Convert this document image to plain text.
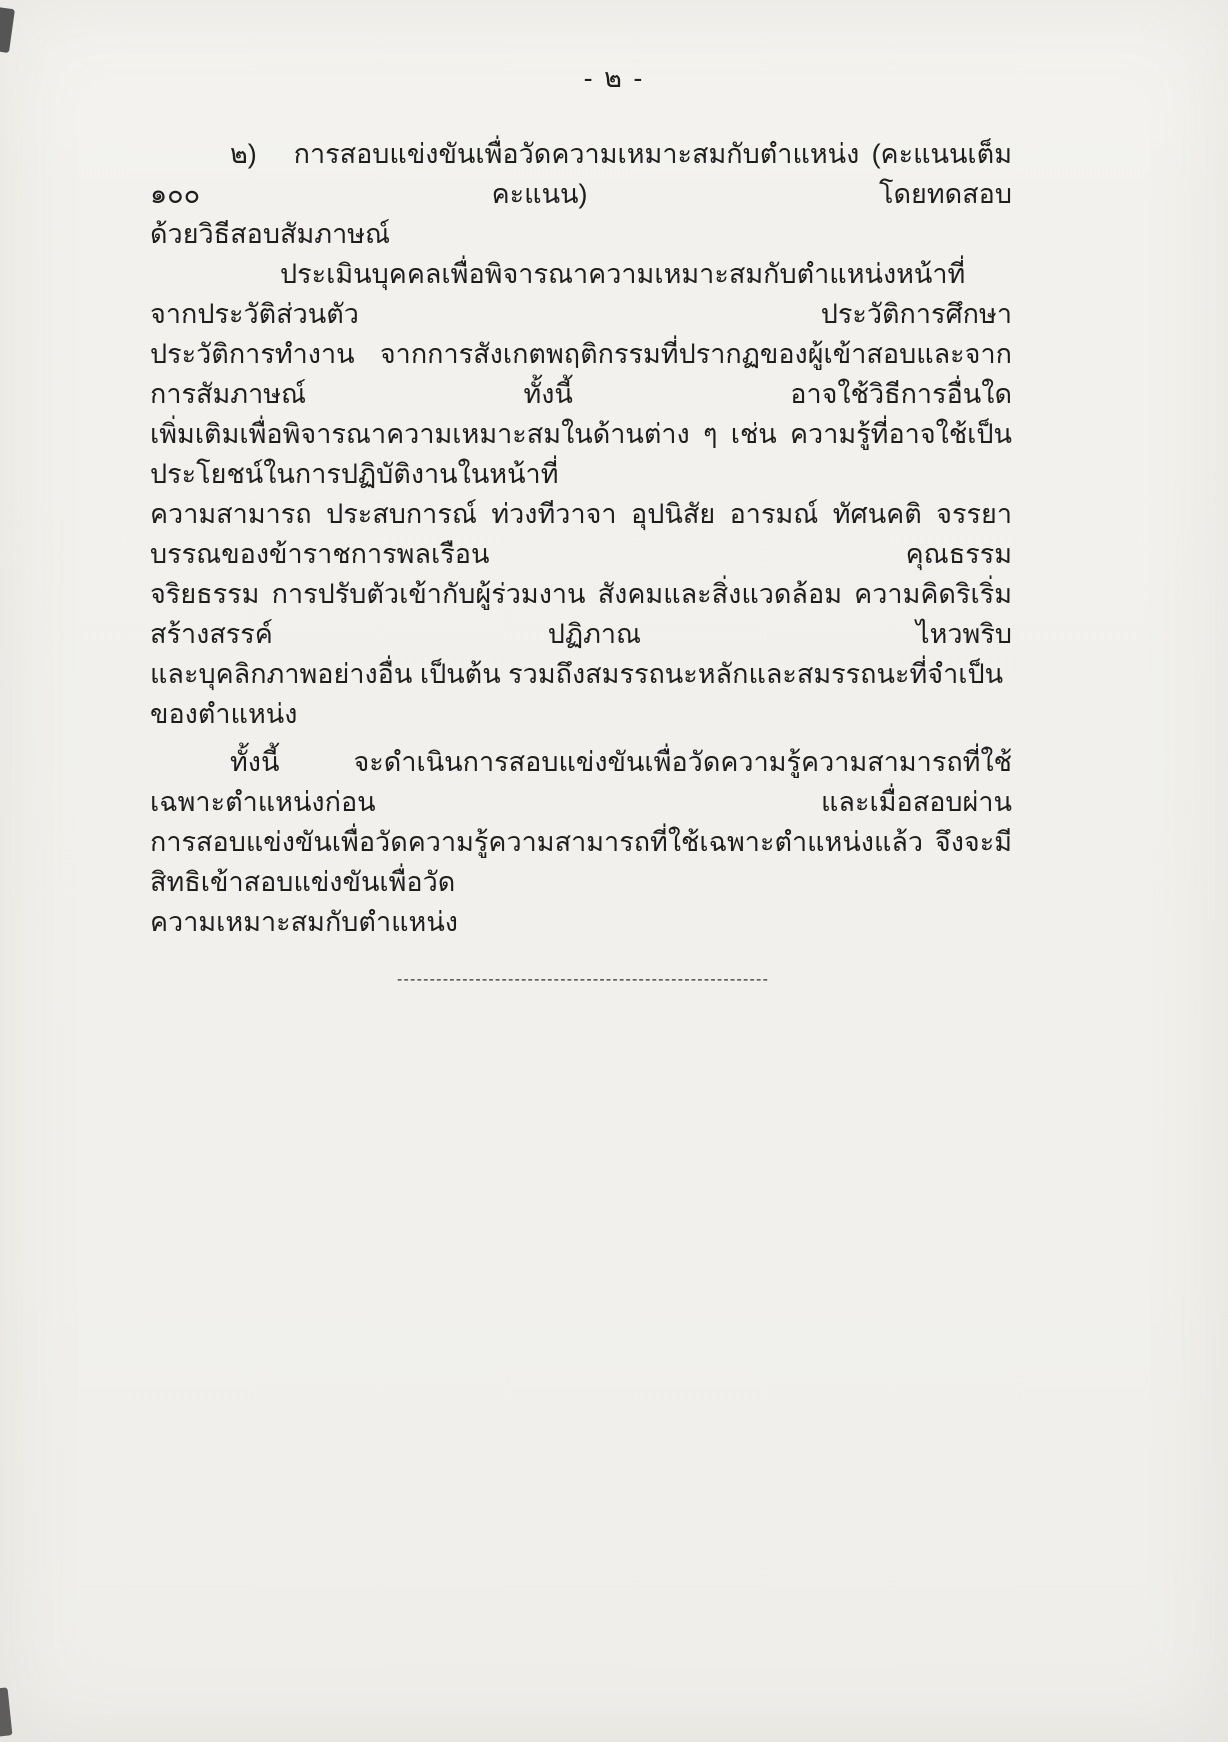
- ๒ -

๒)   การสอบแข่งขันเพื่อวัดความเหมาะสมกับตำแหน่ง (คะแนนเต็ม ๑๐๐ คะแนน) โดยทดสอบ

ด้วยวิธีสอบสัมภาษณ์

ประเมินบุคคลเพื่อพิจารณาความเหมาะสมกับตำแหน่งหน้าที่จากประวัติส่วนตัว ประวัติการศึกษา

ประวัติการทำงาน จากการสังเกตพฤติกรรมที่ปรากฏของผู้เข้าสอบและจากการสัมภาษณ์ ทั้งนี้ อาจใช้วิธีการอื่นใด

เพิ่มเติมเพื่อพิจารณาความเหมาะสมในด้านต่าง ๆ เช่น ความรู้ที่อาจใช้เป็นประโยชน์ในการปฏิบัติงานในหน้าที่

ความสามารถ ประสบการณ์ ท่วงทีวาจา อุปนิสัย อารมณ์ ทัศนคติ จรรยาบรรณของข้าราชการพลเรือน คุณธรรม

จริยธรรม การปรับตัวเข้ากับผู้ร่วมงาน สังคมและสิ่งแวดล้อม ความคิดริเริ่มสร้างสรรค์ ปฏิภาณ ไหวพริบ

และบุคลิกภาพอย่างอื่น เป็นต้น รวมถึงสมรรถนะหลักและสมรรถนะที่จำเป็นของตำแหน่ง

ทั้งนี้ จะดำเนินการสอบแข่งขันเพื่อวัดความรู้ความสามารถที่ใช้เฉพาะตำแหน่งก่อน และเมื่อสอบผ่าน

การสอบแข่งขันเพื่อวัดความรู้ความสามารถที่ใช้เฉพาะตำแหน่งแล้ว จึงจะมีสิทธิเข้าสอบแข่งขันเพื่อวัด

ความเหมาะสมกับตำแหน่ง

---------------------------------------------------------
